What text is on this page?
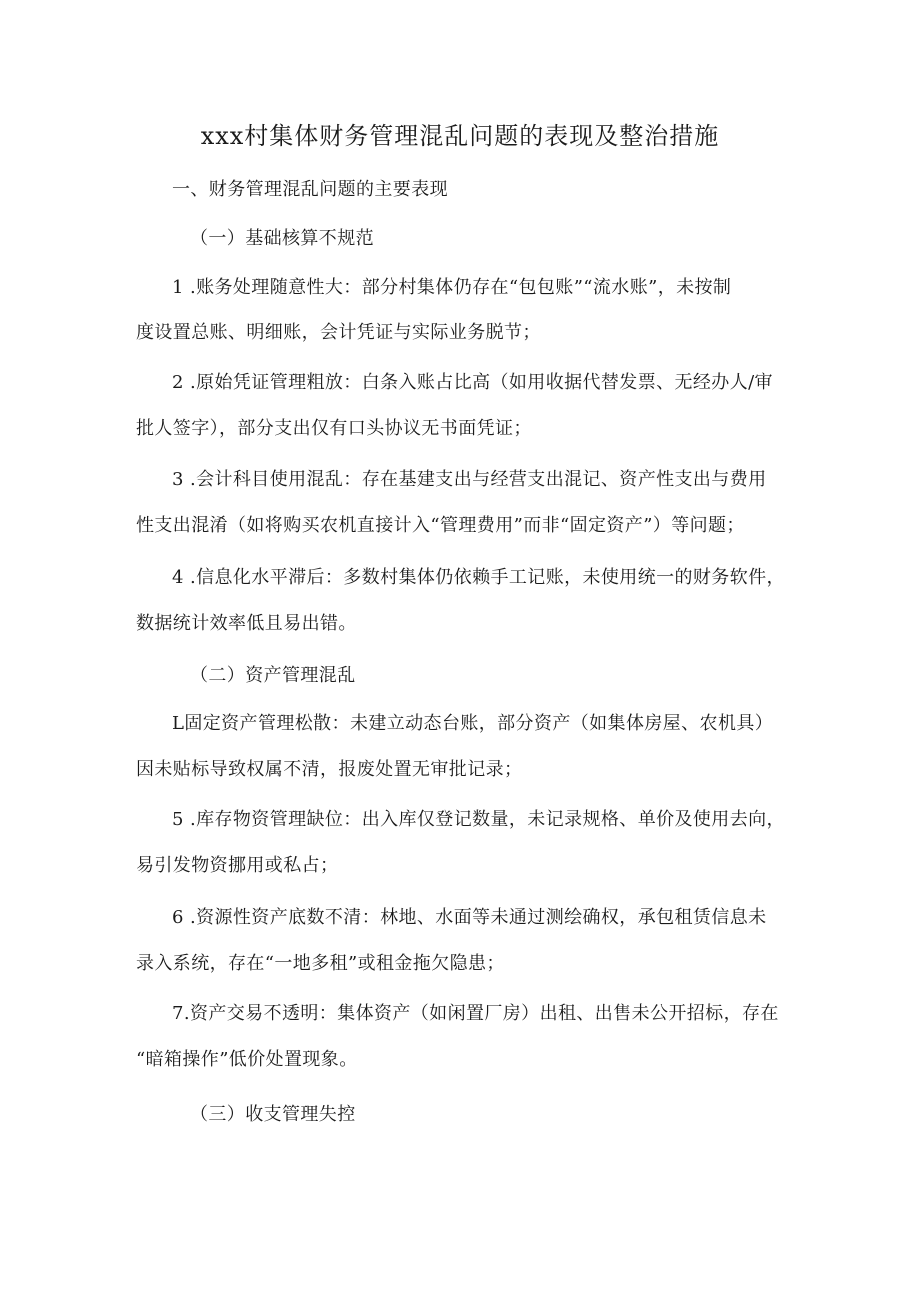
xxx村集体财务管理混乱问题的表现及整治措施
一、财务管理混乱问题的主要表现
（一）基础核算不规范
1 .账务处理随意性大：部分村集体仍存在“包包账”“流水账”，未按制
度设置总账、明细账，会计凭证与实际业务脱节；
2 .原始凭证管理粗放：白条入账占比高（如用收据代替发票、无经办人/审
批人签字），部分支出仅有口头协议无书面凭证；
3 .会计科目使用混乱：存在基建支出与经营支出混记、资产性支出与费用
性支出混淆（如将购买农机直接计入“管理费用”而非“固定资产”）等问题；
4 .信息化水平滞后：多数村集体仍依赖手工记账，未使用统一的财务软件，
数据统计效率低且易出错。
（二）资产管理混乱
L固定资产管理松散：未建立动态台账，部分资产（如集体房屋、农机具）
因未贴标导致权属不清，报废处置无审批记录；
5 .库存物资管理缺位：出入库仅登记数量，未记录规格、单价及使用去向，
易引发物资挪用或私占；
6 .资源性资产底数不清：林地、水面等未通过测绘确权，承包租赁信息未
录入系统，存在“一地多租”或租金拖欠隐患；
7.资产交易不透明：集体资产（如闲置厂房）出租、出售未公开招标，存在
“暗箱操作”低价处置现象。
（三）收支管理失控
